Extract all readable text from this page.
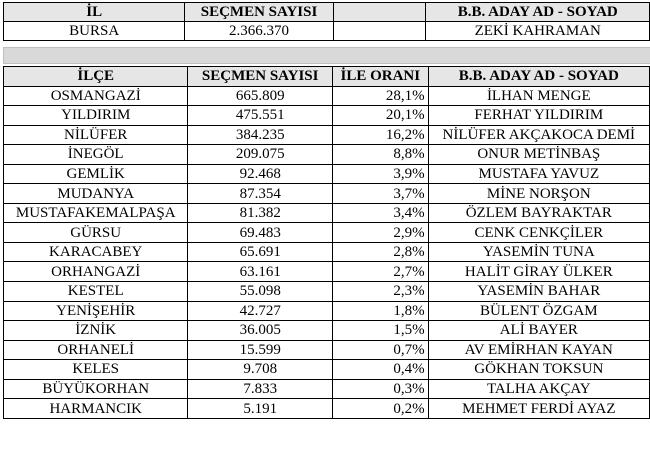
İL	SEÇMEN SAYISI		B.B. ADAY AD - SOYAD
BURSA	2.366.370		ZEKİ KAHRAMAN
İLÇE	SEÇMEN SAYISI	İLE ORANI	B.B. ADAY AD - SOYAD
OSMANGAZİ	665.809	28,1%	İLHAN MENGE
YILDIRIM	475.551	20,1%	FERHAT YILDIRIM
NİLÜFER	384.235	16,2%	NİLÜFER AKÇAKOCA DEMİ
İNEGÖL	209.075	8,8%	ONUR METİNBAŞ
GEMLİK	92.468	3,9%	MUSTAFA YAVUZ
MUDANYA	87.354	3,7%	MİNE NORŞON
MUSTAFAKEMALPAŞA	81.382	3,4%	ÖZLEM BAYRAKTAR
GÜRSU	69.483	2,9%	CENK CENKÇİLER
KARACABEY	65.691	2,8%	YASEMİN TUNA
ORHANGAZİ	63.161	2,7%	HALİT GİRAY ÜLKER
KESTEL	55.098	2,3%	YASEMİN BAHAR
YENİŞEHİR	42.727	1,8%	BÜLENT ÖZGAM
İZNİK	36.005	1,5%	ALİ BAYER
ORHANELİ	15.599	0,7%	AV EMİRHAN KAYAN
KELES	9.708	0,4%	GÖKHAN TOKSUN
BÜYÜKORHAN	7.833	0,3%	TALHA AKÇAY
HARMANCIK	5.191	0,2%	MEHMET FERDİ AYAZ
